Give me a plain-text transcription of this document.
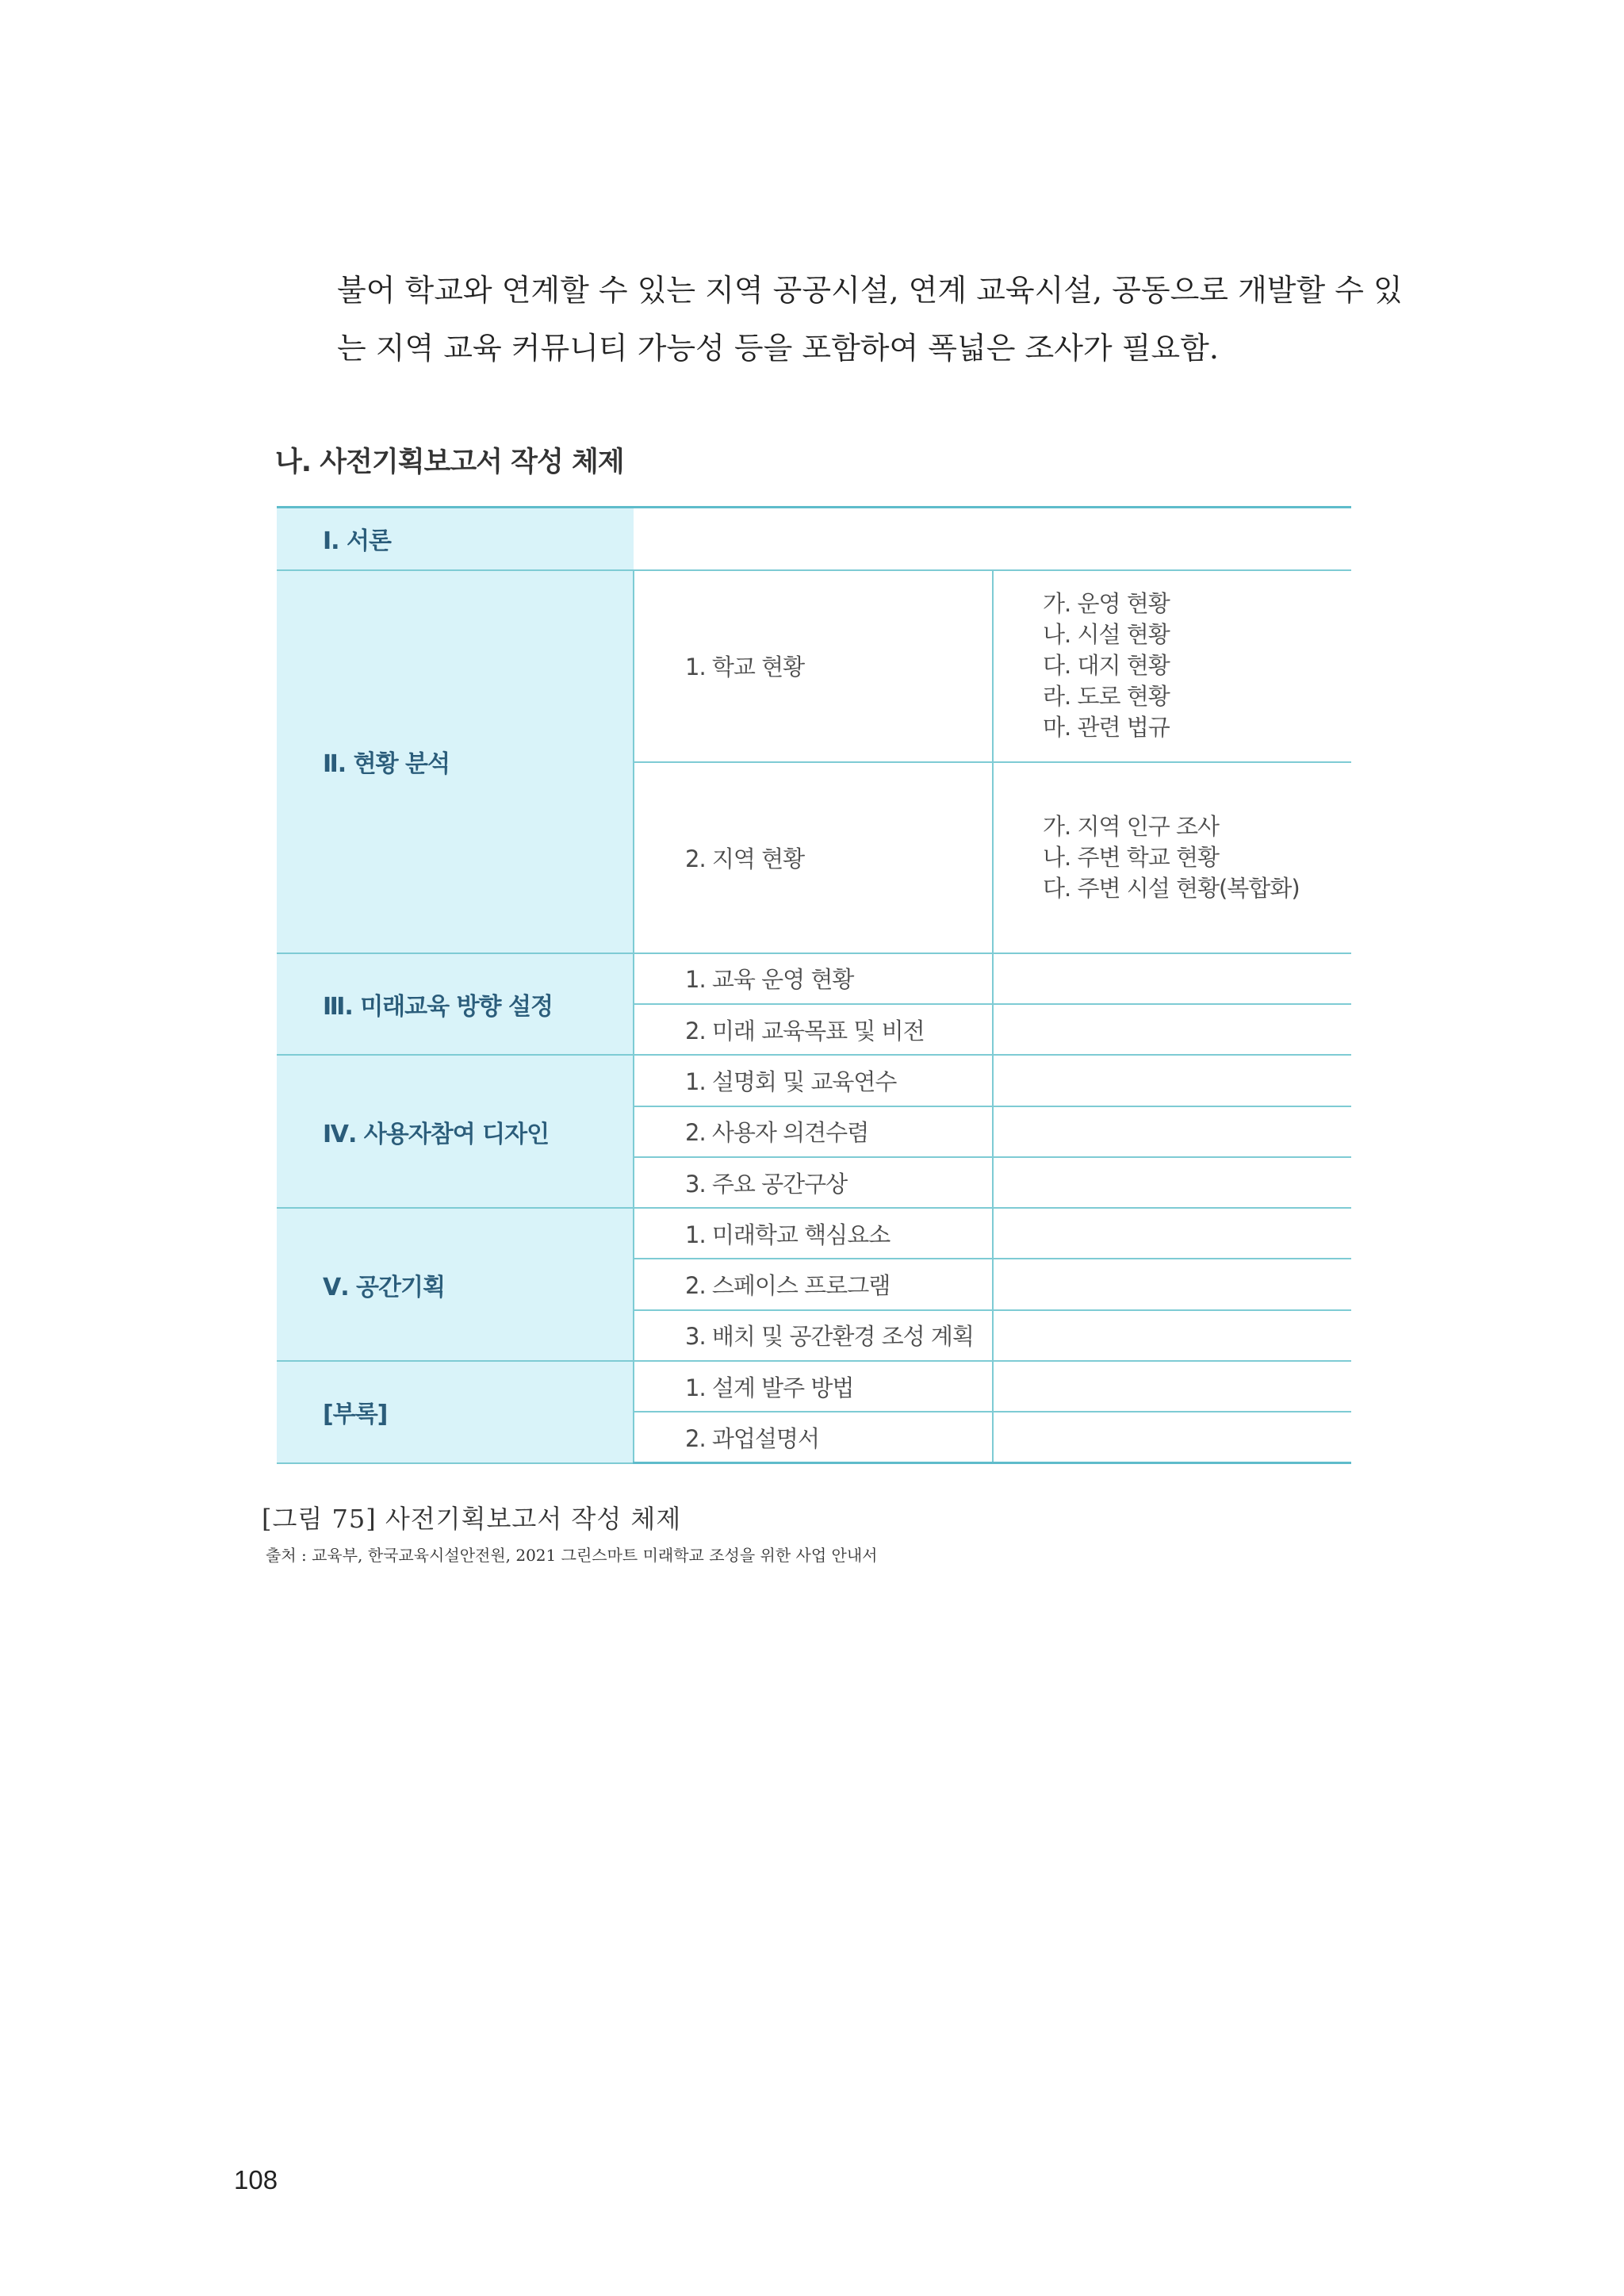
불어 학교와 연계할 수 있는 지역 공공시설, 연계 교육시설, 공동으로 개발할 수 있

는 지역 교육 커뮤니티 가능성 등을 포함하여 폭넓은 조사가 필요함.

나. 사전기획보고서 작성 체제
Ⅰ. 서론		
Ⅱ. 현황 분석	1. 학교 현황	가. 운영 현황
나. 시설 현황
다. 대지 현황
라. 도로 현황
마. 관련 법규

	2. 지역 현황	가. 지역 인구 조사
나. 주변 학교 현황
다. 주변 시설 현황(복합화)

Ⅲ. 미래교육 방향 설정	1. 교육 운영 현황	
	2. 미래 교육목표 및 비전	
Ⅳ. 사용자참여 디자인	1. 설명회 및 교육연수	
	2. 사용자 의견수렴	
	3. 주요 공간구상	
Ⅴ. 공간기획	1. 미래학교 핵심요소	
	2. 스페이스 프로그램	
	3. 배치 및 공간환경 조성 계획	
[부록]	1. 설계 발주 방법	
	2. 과업설명서	
[그림 75] 사전기획보고서 작성 체제
출처 : 교육부, 한국교육시설안전원, 2021 그린스마트 미래학교 조성을 위한 사업 안내서
108
